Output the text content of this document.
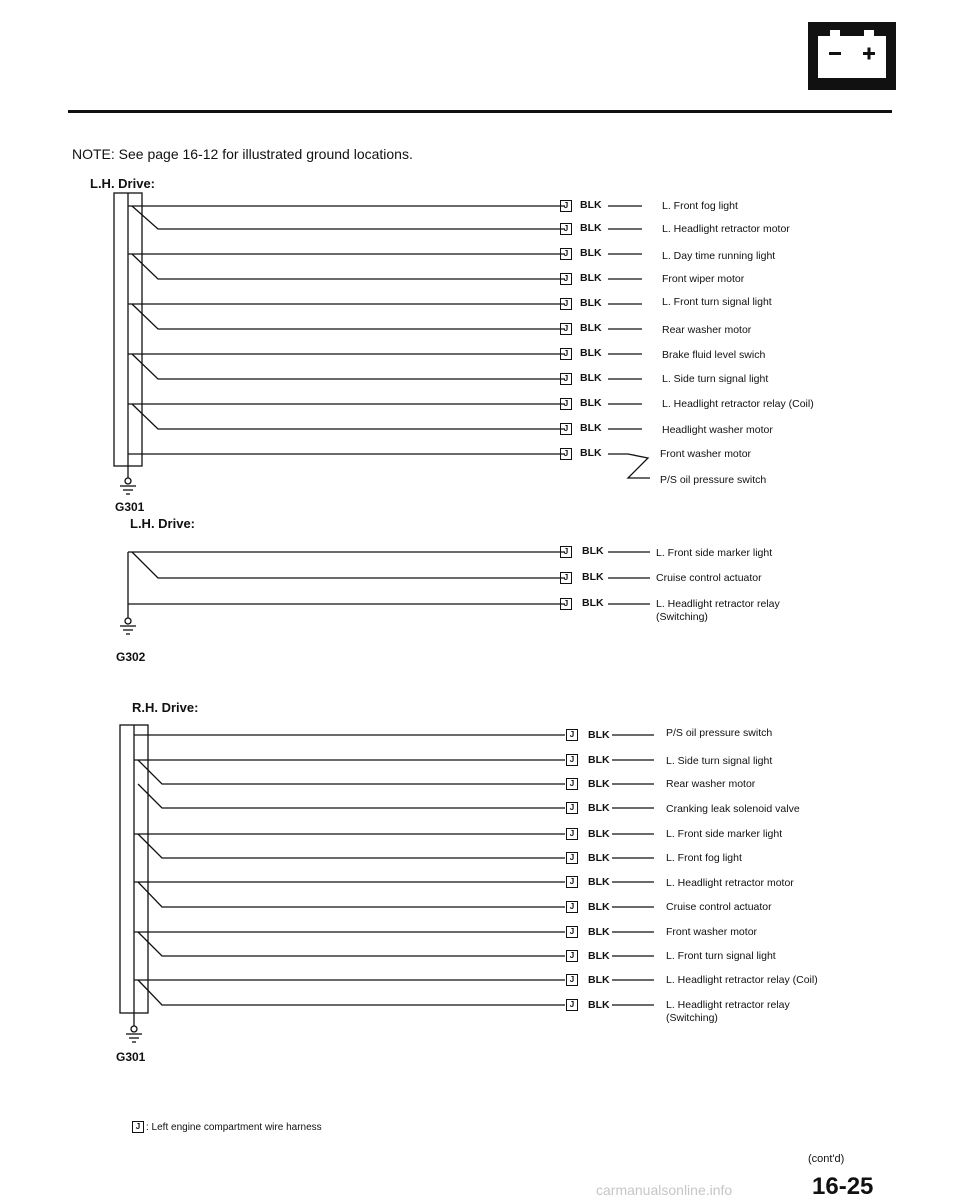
NOTE: See page 16-12 for illustrated ground locations.
L.H. Drive:
G301
L.H. Drive:
G302
R.H. Drive:
G301
J	BLK	L. Front fog light
J	BLK	L. Headlight retractor motor
J	BLK	L. Day time running light
J	BLK	Front wiper motor
J	BLK	L. Front turn signal light
J	BLK	Rear washer motor
J	BLK	Brake fluid level swich
J	BLK	L. Side turn signal light
J	BLK	L. Headlight retractor relay (Coil)
J	BLK	Headlight washer motor
J	BLK	Front washer motor
P/S oil pressure switch
J	BLK	L. Front side marker light
J	BLK	Cruise control actuator
J	BLK	L. Headlight retractor relay
(Switching)
J	BLK	P/S oil pressure switch
J	BLK	L. Side turn signal light
J	BLK	Rear washer motor
J	BLK	Cranking leak solenoid valve
J	BLK	L. Front side marker light
J	BLK	L. Front fog light
J	BLK	L. Headlight retractor motor
J	BLK	Cruise control actuator
J	BLK	Front washer motor
J	BLK	L. Front turn signal light
J	BLK	L. Headlight retractor relay (Coil)
J	BLK	L. Headlight retractor relay
(Switching)
J : Left engine compartment wire harness
(cont'd)
16-25
carmanualsonline.info
